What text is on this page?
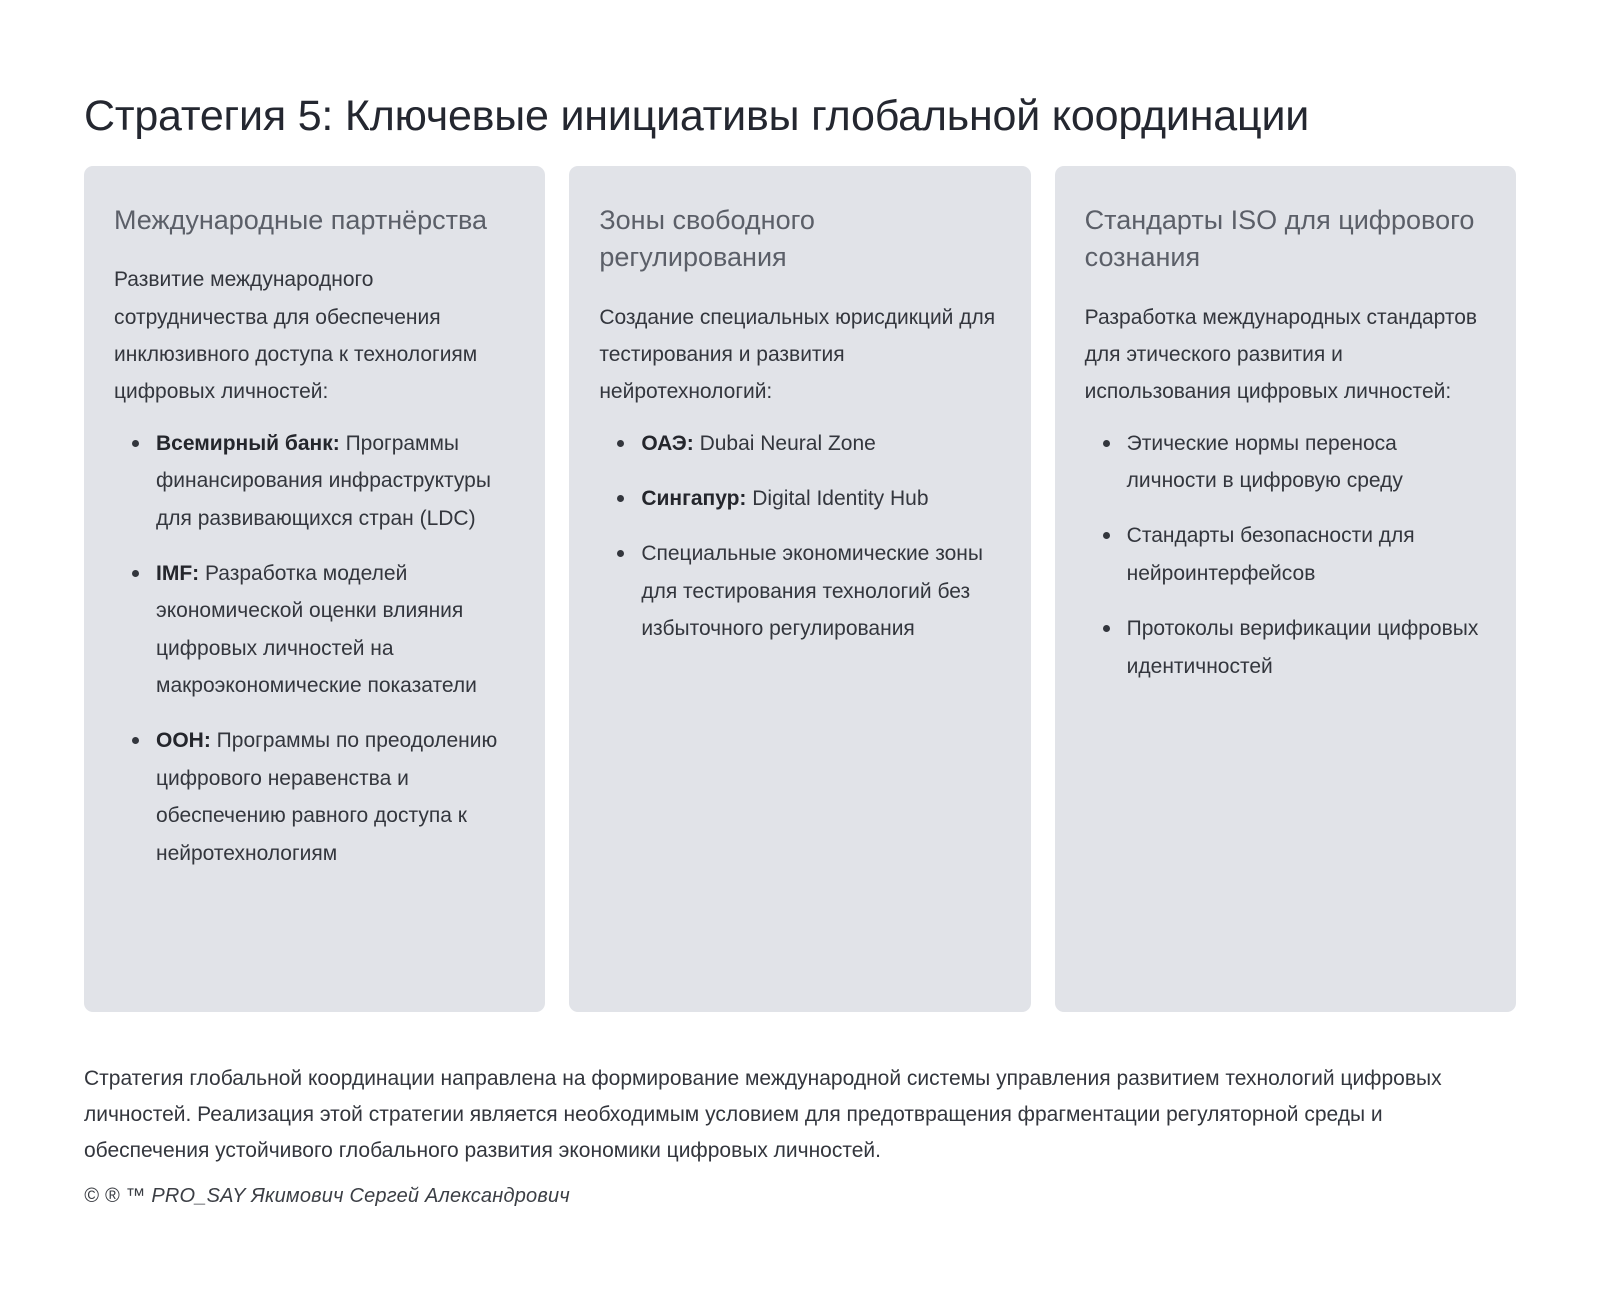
Стратегия 5: Ключевые инициативы глобальной координации
Международные партнёрства

Развитие международного сотрудничества для обеспечения инклюзивного доступа к технологиям цифровых личностей:

Всемирный банк: Программы финансирования инфраструктуры для развивающихся стран (LDC)
IMF: Разработка моделей экономической оценки влияния цифровых личностей на макроэкономические показатели
ООН: Программы по преодолению цифрового неравенства и обеспечению равного доступа к нейротехнологиям
Зоны свободного регулирования

Создание специальных юрисдикций для тестирования и развития нейротехнологий:

ОАЭ: Dubai Neural Zone
Сингапур: Digital Identity Hub
Специальные экономические зоны для тестирования технологий без избыточного регулирования
Стандарты ISO для цифрового сознания

Разработка международных стандартов для этического развития и использования цифровых личностей:

Этические нормы переноса личности в цифровую среду
Стандарты безопасности для нейроинтерфейсов
Протоколы верификации цифровых идентичностей

Стратегия глобальной координации направлена на формирование международной системы управления развитием технологий цифровых личностей. Реализация этой стратегии является необходимым условием для предотвращения фрагментации регуляторной среды и обеспечения устойчивого глобального развития экономики цифровых личностей.

© ® ™ PRO_SAY Якимович Сергей Александрович
